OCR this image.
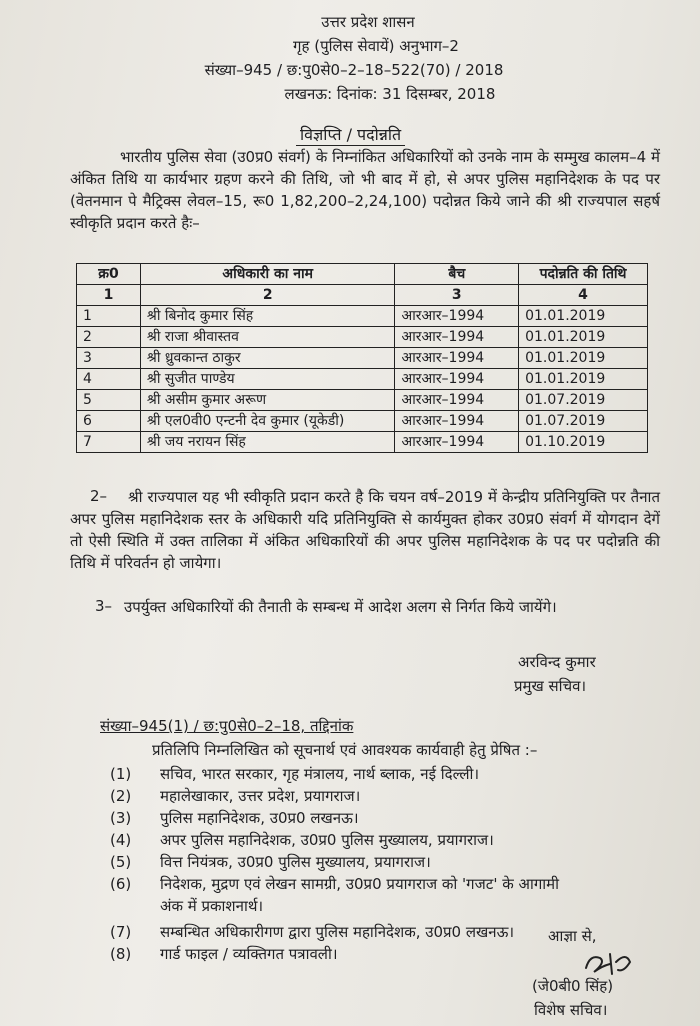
उत्तर प्रदेश शासन
गृह (पुलिस सेवायें) अनुभाग–2
संख्या–945 / छ:पु0से0–2–18–522(70) / 2018
लखनऊ: दिनांक: 31 दिसम्बर, 2018
विज्ञप्ति / पदोन्नति
भारतीय पुलिस सेवा (उ0प्र0 संवर्ग) के निम्नांकित अधिकारियों को उनके नाम के सम्मुख कालम–4 में अंकित तिथि या कार्यभार ग्रहण करने की तिथि, जो भी बाद में हो, से अपर पुलिस महानिदेशक के पद पर (वेतनमान पे मैट्रिक्स लेवल–15, रू0 1,82,200–2,24,100) पदोन्नत किये जाने की श्री राज्यपाल सहर्ष स्वीकृति प्रदान करते हैः–
क्र0	अधिकारी का नाम	बैच	पदोन्नति की तिथि
1	2	3	4
1	श्री बिनोद कुमार सिंह	आरआर–1994	01.01.2019
2	श्री राजा श्रीवास्तव	आरआर–1994	01.01.2019
3	श्री ध्रुवकान्त ठाकुर	आरआर–1994	01.01.2019
4	श्री सुजीत पाण्डेय	आरआर–1994	01.01.2019
5	श्री असीम कुमार अरूण	आरआर–1994	01.07.2019
6	श्री एल0वी0 एन्टनी देव कुमार (यूकेडी)	आरआर–1994	01.07.2019
7	श्री जय नरायन सिंह	आरआर–1994	01.10.2019
2–	श्री राज्यपाल यह भी स्वीकृति प्रदान करते है कि चयन वर्ष–2019 में केन्द्रीय प्रतिनियुक्ति पर तैनात अपर पुलिस महानिदेशक स्तर के अधिकारी यदि प्रतिनियुक्ति से कार्यमुक्त होकर उ0प्र0 संवर्ग में योगदान देगें तो ऐसी स्थिति में उक्त तालिका में अंकित अधिकारियों की अपर पुलिस महानिदेशक के पद पर पदोन्नति की तिथि में परिवर्तन हो जायेगा।
3– उपर्युक्त अधिकारियों की तैनाती के सम्बन्ध में आदेश अलग से निर्गत किये जायेंगे।
अरविन्द कुमार
प्रमुख सचिव।
संख्या–945(1) / छ:पु0से0–2–18, तद्दिनांक
प्रतिलिपि निम्नलिखित को सूचनार्थ एवं आवश्यक कार्यवाही हेतु प्रेषित :–
(1)	सचिव, भारत सरकार, गृह मंत्रालय, नार्थ ब्लाक, नई दिल्ली।
(2)	महालेखाकार, उत्तर प्रदेश, प्रयागराज।
(3)	पुलिस महानिदेशक, उ0प्र0 लखनऊ।
(4)	अपर पुलिस महानिदेशक, उ0प्र0 पुलिस मुख्यालय, प्रयागराज।
(5)	वित्त नियंत्रक, उ0प्र0 पुलिस मुख्यालय, प्रयागराज।
(6)	निदेशक, मुद्रण एवं लेखन सामग्री, उ0प्र0 प्रयागराज को 'गजट' के आगामी
अंक में प्रकाशनार्थ।
(7)	सम्बन्धित अधिकारीगण द्वारा पुलिस महानिदेशक, उ0प्र0 लखनऊ।
(8)	गार्ड फाइल / व्यक्तिगत पत्रावली।
आज्ञा से,
(जे0बी0 सिंह)
विशेष सचिव।
